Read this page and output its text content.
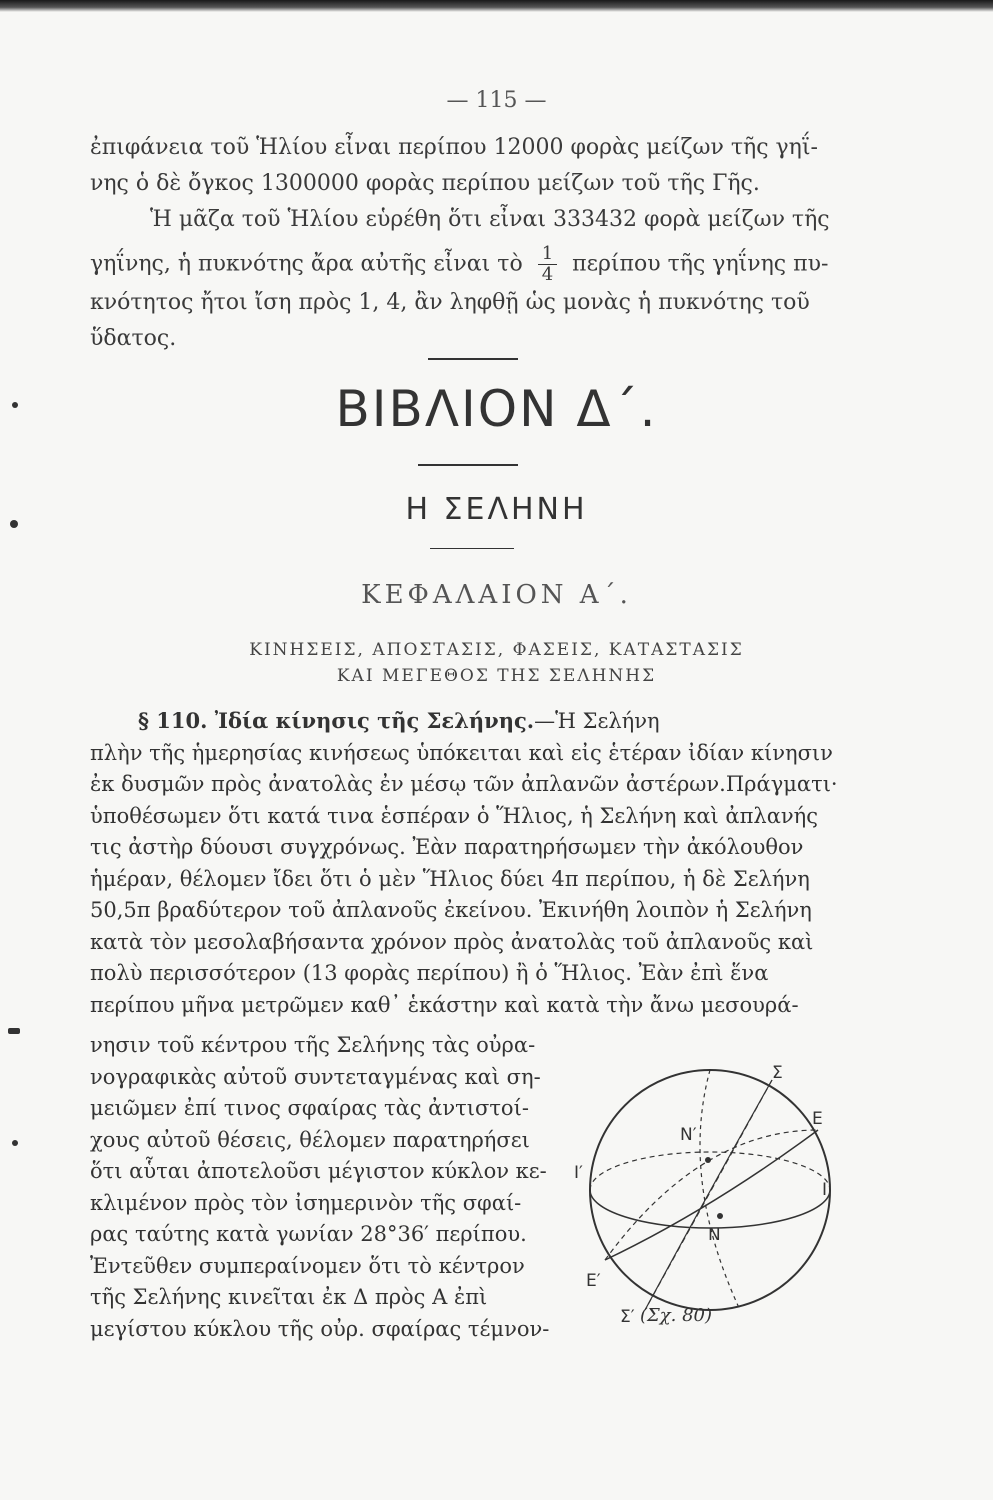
— 115 —

ἐπιφάνεια τοῦ Ἡλίου εἶναι περίπου 12000 φορὰς μείζων τῆς γηΐ-

νης ὁ δὲ ὄγκος 1300000 φορὰς περίπου μείζων τοῦ τῆς Γῆς.

Ἡ μᾶζα τοῦ Ἡλίου εὑρέθη ὅτι εἶναι 333432 φορὰ μείζων τῆς

γηΐνης, ἡ πυκνότης ἄρα αὐτῆς εἶναι τὸ $\frac{1}{4}$ περίπου τῆς γηΐνης πυ-

κνότητος ἤτοι ἴση πρὸς 1, 4, ἂν ληφθῇ ὡς μονὰς ἡ πυκνότης τοῦ

ὕδατος.

ΒΙΒΛΙΟΝ Δ΄.
Η ΣΕΛΗΝΗ
ΚΕΦΑΛΑΙΟΝ Α΄.
ΚΙΝΗΣΕΙΣ, ΑΠΟΣΤΑΣΙΣ, ΦΑΣΕΙΣ, ΚΑΤΑΣΤΑΣΙΣ
ΚΑΙ ΜΕΓΕΘΟΣ ΤΗΣ ΣΕΛΗΝΗΣ

§ 110. Ἰδία κίνησις τῆς Σελήνης.—Ἡ Σελήνη

πλὴν τῆς ἡμερησίας κινήσεως ὑπόκειται καὶ εἰς ἑτέραν ἰδίαν κίνησιν

ἐκ δυσμῶν πρὸς ἀνατολὰς ἐν μέσῳ τῶν ἀπλανῶν ἀστέρων.Πράγματι·

ὑποθέσωμεν ὅτι κατά τινα ἑσπέραν ὁ Ἥλιος, ἡ Σελήνη καὶ ἀπλανής

τις ἀστὴρ δύουσι συγχρόνως. Ἐὰν παρατηρήσωμεν τὴν ἀκόλουθον

ἡμέραν, θέλομεν ἴδει ὅτι ὁ μὲν Ἥλιος δύει 4π περίπου, ἡ δὲ Σελήνη

50,5π βραδύτερον τοῦ ἀπλανοῦς ἐκείνου. Ἐκινήθη λοιπὸν ἡ Σελήνη

κατὰ τὸν μεσολαβήσαντα χρόνον πρὸς ἀνατολὰς τοῦ ἀπλανοῦς καὶ

πολὺ περισσότερον (13 φορὰς περίπου) ἢ ὁ Ἥλιος. Ἐὰν ἐπὶ ἕνα

περίπου μῆνα μετρῶμεν καθ᾽ ἑκάστην καὶ κατὰ τὴν ἄνω μεσουρά-

νησιν τοῦ κέντρου τῆς Σελήνης τὰς οὐρα-

νογραφικὰς αὐτοῦ συντεταγμένας καὶ ση-

μειῶμεν ἐπί τινος σφαίρας τὰς ἀντιστοί-

χους αὐτοῦ θέσεις, θέλομεν παρατηρήσει

ὅτι αὗται ἀποτελοῦσι μέγιστον κύκλον κε-

κλιμένον πρὸς τὸν ἰσημερινὸν τῆς σφαί-

ρας ταύτης κατὰ γωνίαν 28°36′ περίπου.

Ἐντεῦθεν συμπεραίνομεν ὅτι τὸ κέντρον

τῆς Σελήνης κινεῖται ἐκ Δ πρὸς Α ἐπὶ

μεγίστου κύκλου τῆς οὐρ. σφαίρας τέμνον-

Σ
Σ′
Ε
Ε′
Ι
Ι′
Ν′
Ν
(Σχ. 80)
